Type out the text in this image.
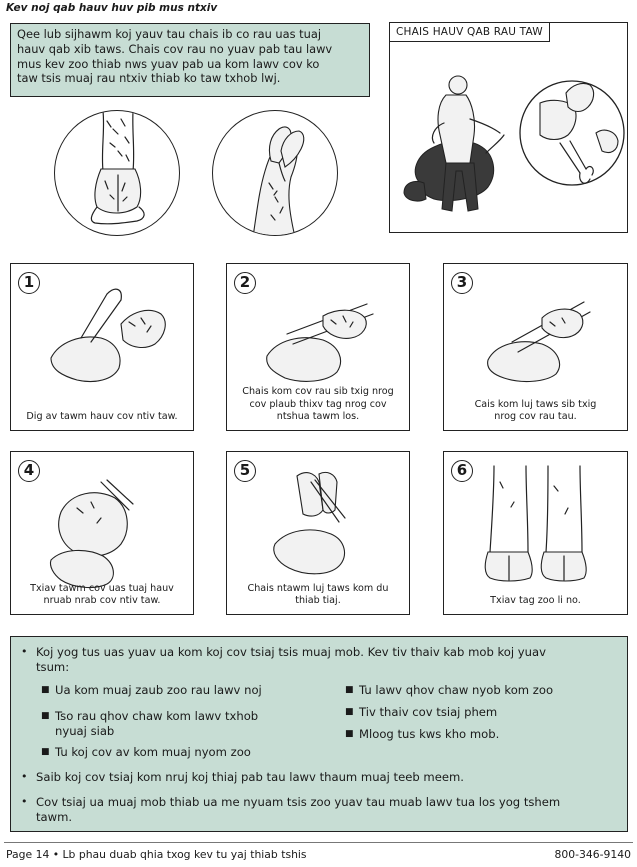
Kev noj qab hauv huv pib mus ntxiv
Qee lub sijhawm koj yauv tau chais ib co rau uas tuaj
hauv qab xib taws. Chais cov rau no yuav pab tau lawv
mus kev zoo thiab nws yuav pab ua kom lawv cov ko
taw tsis muaj rau ntxiv thiab ko taw txhob lwj.
CHAIS HAUV QAB RAU TAW
1
Dig av tawm hauv cov ntiv taw.
2
Chais kom cov rau sib txig nrog
cov plaub thixv tag nrog cov
ntshua tawm los.
3
Cais kom luj taws sib txig
nrog cov rau tau.
4
Txiav tawm cov uas tuaj hauv
nruab nrab cov ntiv taw.
5
Chais ntawm luj taws kom du
thiab tiaj.
6
Txiav tag zoo li no.
• Koj yog tus uas yuav ua kom koj cov tsiaj tsis muaj mob. Kev tiv thaiv kab mob koj yuav
tsum:
■ Ua kom muaj zaub zoo rau lawv noj
■ Tso rau qhov chaw kom lawv txhob
nyuaj siab
■ Tu koj cov av kom muaj nyom zoo
■ Tu lawv qhov chaw nyob kom zoo
■ Tiv thaiv cov tsiaj phem
■ Mloog tus kws kho mob.
• Saib koj cov tsiaj kom nruj koj thiaj pab tau lawv thaum muaj teeb meem.
• Cov tsiaj ua muaj mob thiab ua me nyuam tsis zoo yuav tau muab lawv tua los yog tshem
tawm.
Page 14 • Lb phau duab qhia txog kev tu yaj thiab tshis	800-346-9140
